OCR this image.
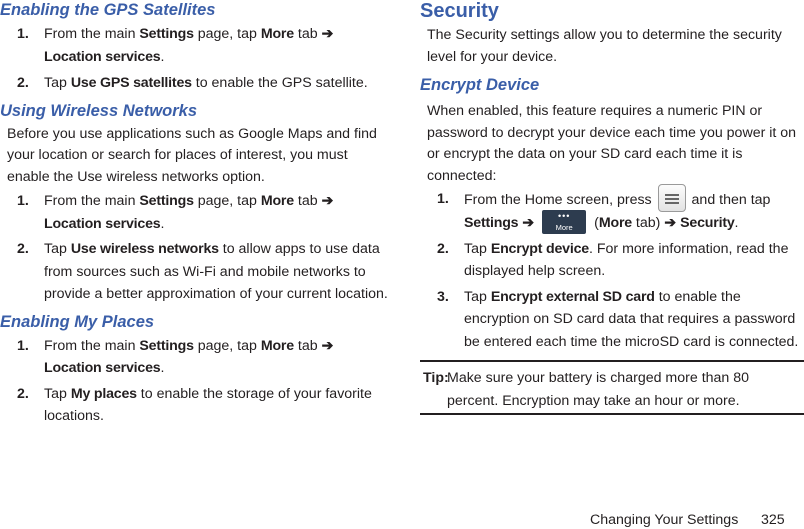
Enabling the GPS Satellites

1. From the main Settings page, tap More tab ➔ Location services.

2. Tap Use GPS satellites to enable the GPS satellite.

Using Wireless Networks

Before you use applications such as Google Maps and find your location or search for places of interest, you must enable the Use wireless networks option.

1. From the main Settings page, tap More tab ➔ Location services.

2. Tap Use wireless networks to allow apps to use data from sources such as Wi-Fi and mobile networks to provide a better approximation of your current location.

Enabling My Places

1. From the main Settings page, tap More tab ➔ Location services.

2. Tap My places to enable the storage of your favorite locations.

Security

The Security settings allow you to determine the security level for your device.

Encrypt Device

When enabled, this feature requires a numeric PIN or password to decrypt your device each time you power it on or encrypt the data on your SD card each time it is connected:

1. From the Home screen, press
and then tap Settings ➔	•••
More	(More tab) ➔ Security.

2. Tap Encrypt device. For more information, read the displayed help screen.

3. Tap Encrypt external SD card to enable the encryption on SD card data that requires a password be entered each time the microSD card is connected.

Tip:

Make sure your battery is charged more than 80 percent. Encryption may take an hour or more.

Changing Your Settings 325
